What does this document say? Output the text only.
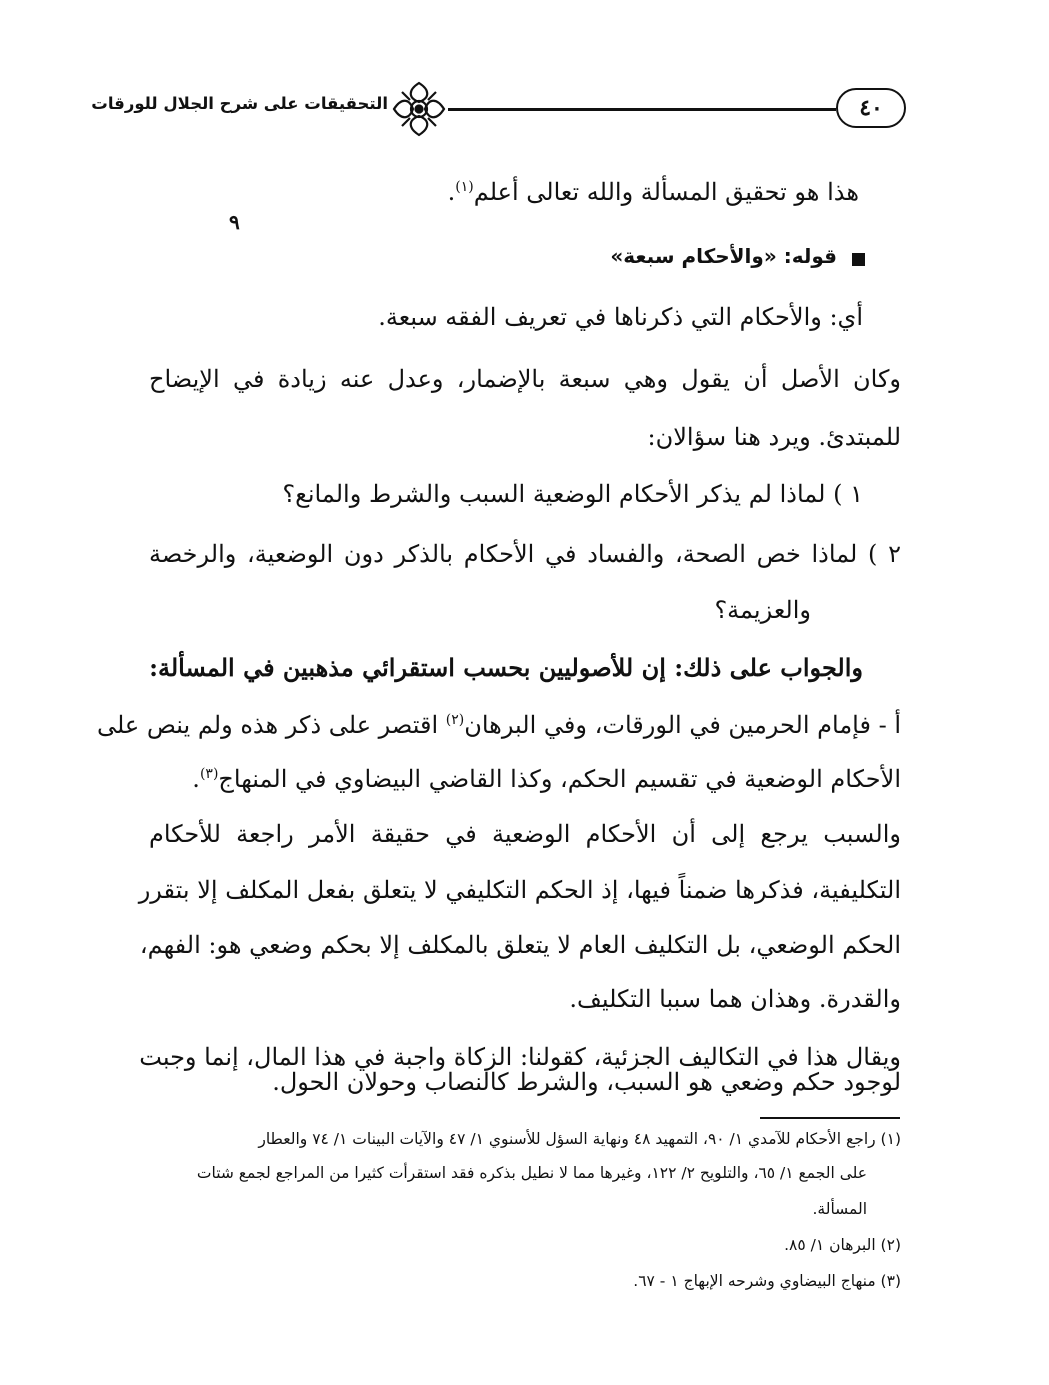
التحقيقات على شرح الجلال للورقات	٤٠
هذا هو تحقيق المسألة والله تعالى أعلم$^{(١)}$.
٩
قوله: «والأحكام سبعة»
أي: والأحكام التي ذكرناها في تعريف الفقه سبعة.
وكان الأصل أن يقول وهي سبعة بالإضمار، وعدل عنه زيادة في الإيضاح
للمبتدئ. ويرد هنا سؤالان:
١ ) لماذا لم يذكر الأحكام الوضعية السبب والشرط والمانع؟
٢ ) لماذا خص الصحة، والفساد في الأحكام بالذكر دون الوضعية، والرخصة
والعزيمة؟
والجواب على ذلك: إن للأصوليين بحسب استقرائي مذهبين في المسألة:
أ - فإمام الحرمين في الورقات، وفي البرهان$^{(٢)}$ اقتصر على ذكر هذه ولم ينص على
الأحكام الوضعية في تقسيم الحكم، وكذا القاضي البيضاوي في المنهاج$^{(٣)}$.
والسبب يرجع إلى أن الأحكام الوضعية في حقيقة الأمر راجعة للأحكام
التكليفية، فذكرها ضمناً فيها، إذ الحكم التكليفي لا يتعلق بفعل المكلف إلا بتقرر
الحكم الوضعي، بل التكليف العام لا يتعلق بالمكلف إلا بحكم وضعي هو: الفهم،
والقدرة. وهذان هما سببا التكليف.
ويقال هذا في التكاليف الجزئية، كقولنا: الزكاة واجبة في هذا المال، إنما وجبت
لوجود حكم وضعي هو السبب، والشرط كالنصاب وحولان الحول.
(١) راجع الأحكام للآمدي ١/ ٩٠، التمهيد ٤٨ ونهاية السؤل للأسنوي ١/ ٤٧ والآيات البينات ١/ ٧٤ والعطار
على الجمع ١/ ٦٥، والتلويح ٢/ ١٢٢، وغيرها مما لا نطيل بذكره فقد استقرأت كثيرا من المراجع لجمع شتات
المسألة.
(٢) البرهان ١/ ٨٥.
(٣) منهاج البيضاوي وشرحه الإبهاج ١ - ٦٧.
